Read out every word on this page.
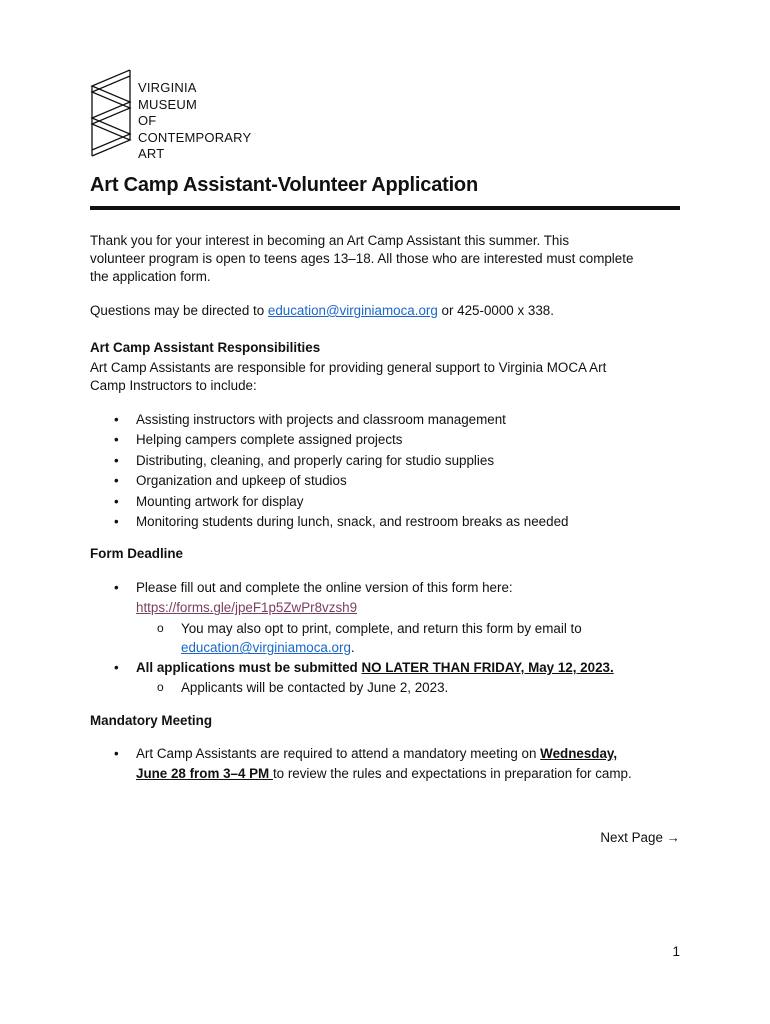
VIRGINIA
MUSEUM
OF
CONTEMPORARY
ART
Art Camp Assistant-Volunteer Application
Thank you for your interest in becoming an Art Camp Assistant this summer. This
volunteer program is open to teens ages 13–18. All those who are interested must complete
the application form.
Questions may be directed to education@virginiamoca.org or 425-0000 x 338.
Art Camp Assistant Responsibilities
Art Camp Assistants are responsible for providing general support to Virginia MOCA Art
Camp Instructors to include:
• Assisting instructors with projects and classroom management
• Helping campers complete assigned projects
• Distributing, cleaning, and properly caring for studio supplies
• Organization and upkeep of studios
• Mounting artwork for display
• Monitoring students during lunch, snack, and restroom breaks as needed
Form Deadline
• Please fill out and complete the online version of this form here:
https://forms.gle/jpeF1p5ZwPr8vzsh9
o You may also opt to print, complete, and return this form by email to
education@virginiamoca.org.
• All applications must be submitted NO LATER THAN FRIDAY, May 12, 2023.
o Applicants will be contacted by June 2, 2023.
Mandatory Meeting
• Art Camp Assistants are required to attend a mandatory meeting on Wednesday,
June 28 from 3–4 PM to review the rules and expectations in preparation for camp.
Next Page →
1
